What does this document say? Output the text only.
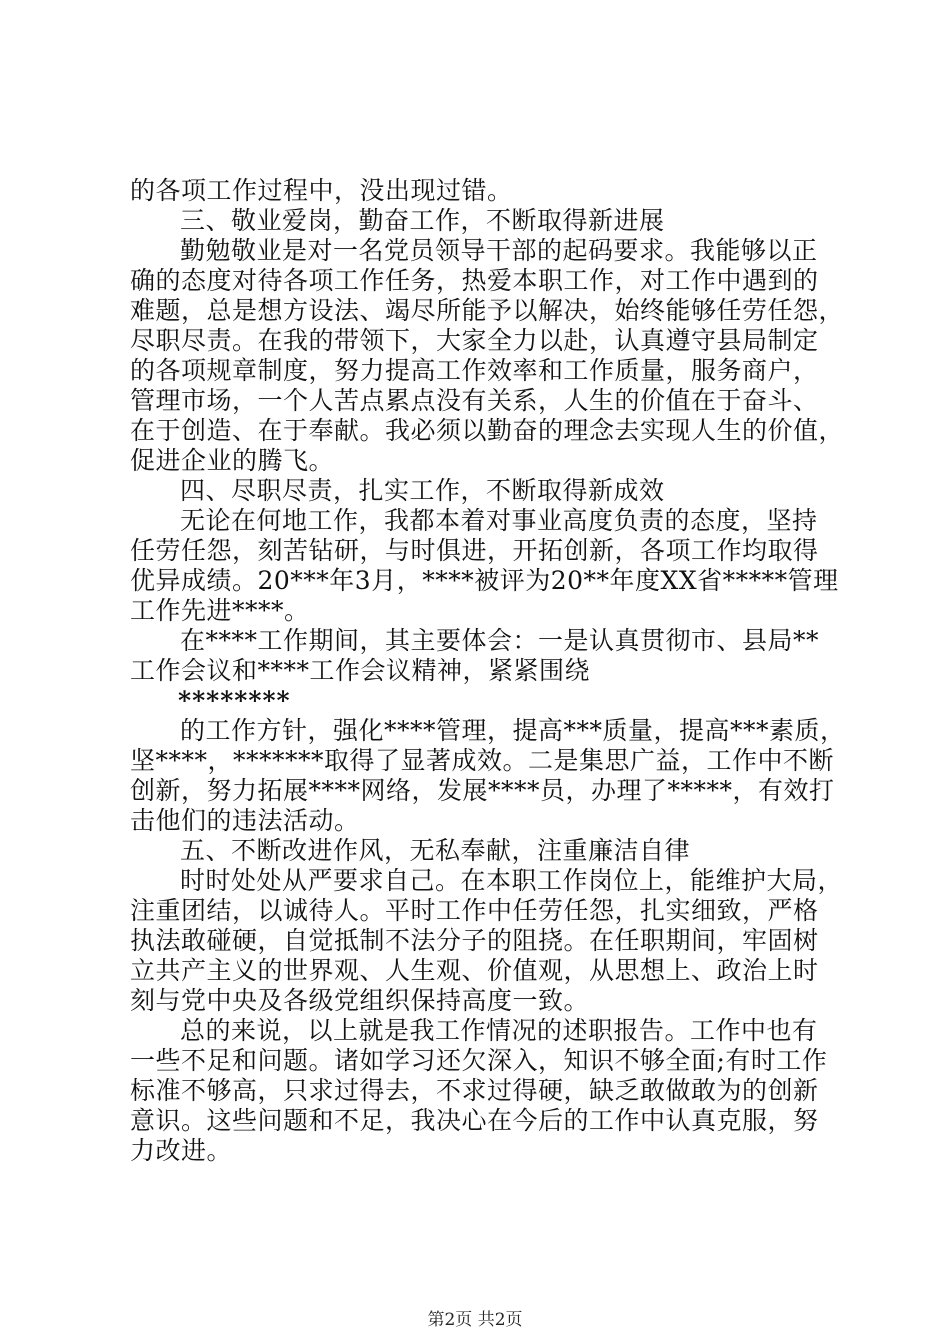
的各项工作过程中，没出现过错。
三、敬业爱岗，勤奋工作，不断取得新进展
勤勉敬业是对一名党员领导干部的起码要求。我能够以正
确的态度对待各项工作任务，热爱本职工作，对工作中遇到的
难题，总是想方设法、竭尽所能予以解决，始终能够任劳任怨，
尽职尽责。在我的带领下，大家全力以赴，认真遵守县局制定
的各项规章制度，努力提高工作效率和工作质量，服务商户，
管理市场，一个人苦点累点没有关系，人生的价值在于奋斗、
在于创造、在于奉献。我必须以勤奋的理念去实现人生的价值，
促进企业的腾飞。
四、尽职尽责，扎实工作，不断取得新成效
无论在何地工作，我都本着对事业高度负责的态度，坚持
任劳任怨，刻苦钻研，与时俱进，开拓创新，各项工作均取得
优异成绩。20***年3月，****被评为20**年度XX省*****管理
工作先进****。
在****工作期间，其主要体会：一是认真贯彻市、县局**
工作会议和****工作会议精神，紧紧围绕
********
的工作方针，强化****管理，提高***质量，提高***素质，
坚****，*******取得了显著成效。二是集思广益，工作中不断
创新，努力拓展****网络，发展****员，办理了*****，有效打
击他们的违法活动。
五、不断改进作风，无私奉献，注重廉洁自律
时时处处从严要求自己。在本职工作岗位上，能维护大局，
注重团结，以诚待人。平时工作中任劳任怨，扎实细致，严格
执法敢碰硬，自觉抵制不法分子的阻挠。在任职期间，牢固树
立共产主义的世界观、人生观、价值观，从思想上、政治上时
刻与党中央及各级党组织保持高度一致。
总的来说，以上就是我工作情况的述职报告。工作中也有
一些不足和问题。诸如学习还欠深入，知识不够全面;有时工作
标准不够高，只求过得去，不求过得硬，缺乏敢做敢为的创新
意识。这些问题和不足，我决心在今后的工作中认真克服，努
力改进。
第2页 共2页
